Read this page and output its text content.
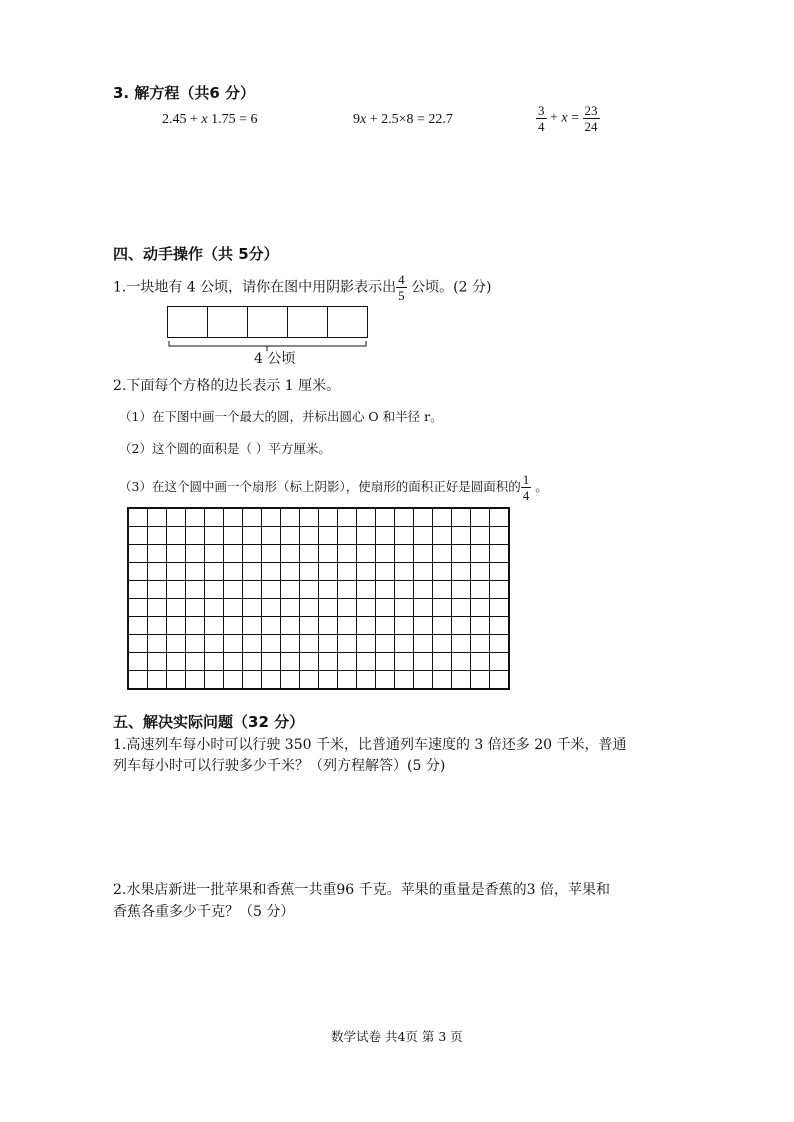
3. 解方程（共6 分）
2.45 + x 1.75 = 6	9x + 2.5×8 = 22.7	$\frac{3}{4} + x = \frac{23}{24}$
四、动手操作（共 5分）
1.一块地有 4 公顷，请你在图中用阴影表示出 $\frac{4}{5}$ 公顷。(2 分)
4 公顷
2.下面每个方格的边长表示 1 厘米。
（1）在下图中画一个最大的圆，并标出圆心 O 和半径 r。
（2）这个圆的面积是（ ）平方厘米。
（3）在这个圆中画一个扇形（标上阴影），使扇形的面积正好是圆面积的 $\frac{1}{4}$ 。

五、解决实际问题（32 分）
1.高速列车每小时可以行驶 350 千米，比普通列车速度的 3 倍还多 20 千米，普通
列车每小时可以行驶多少千米？（列方程解答）(5 分)
2.水果店新进一批苹果和香蕉一共重96 千克。苹果的重量是香蕉的3 倍，苹果和
香蕉各重多少千克？（5 分）
数学试卷 共4页 第 3 页
